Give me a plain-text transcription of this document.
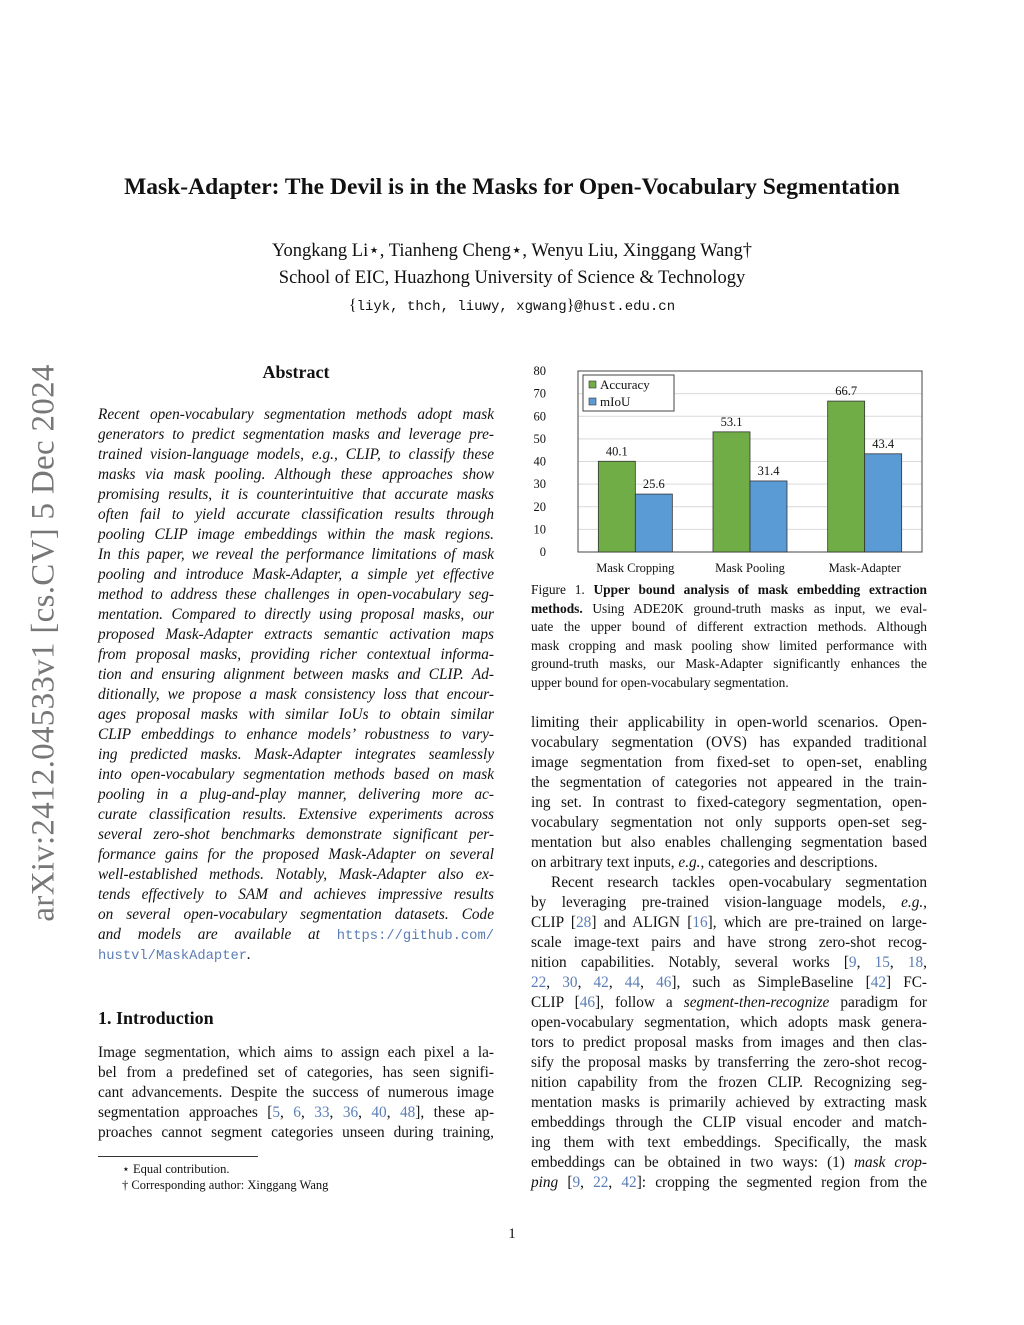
arXiv:2412.04533v1 [cs.CV] 5 Dec 2024
Mask-Adapter: The Devil is in the Masks for Open-Vocabulary Segmentation
Yongkang Li⋆, Tianheng Cheng⋆, Wenyu Liu, Xinggang Wang†
School of EIC, Huazhong University of Science & Technology
{liyk, thch, liuwy, xgwang}@hust.edu.cn
Abstract
Recent open-vocabulary segmentation methods adopt mask
generators to predict segmentation masks and leverage pre-
trained vision-language models, e.g., CLIP, to classify these
masks via mask pooling. Although these approaches show
promising results, it is counterintuitive that accurate masks
often fail to yield accurate classification results through
pooling CLIP image embeddings within the mask regions.
In this paper, we reveal the performance limitations of mask
pooling and introduce Mask-Adapter, a simple yet effective
method to address these challenges in open-vocabulary seg-
mentation. Compared to directly using proposal masks, our
proposed Mask-Adapter extracts semantic activation maps
from proposal masks, providing richer contextual informa-
tion and ensuring alignment between masks and CLIP. Ad-
ditionally, we propose a mask consistency loss that encour-
ages proposal masks with similar IoUs to obtain similar
CLIP embeddings to enhance models’ robustness to vary-
ing predicted masks. Mask-Adapter integrates seamlessly
into open-vocabulary segmentation methods based on mask
pooling in a plug-and-play manner, delivering more ac-
curate classification results. Extensive experiments across
several zero-shot benchmarks demonstrate significant per-
formance gains for the proposed Mask-Adapter on several
well-established methods. Notably, Mask-Adapter also ex-
tends effectively to SAM and achieves impressive results
on several open-vocabulary segmentation datasets. Code
and models are available at https://github.com/
hustvl/MaskAdapter.
1. Introduction
Image segmentation, which aims to assign each pixel a la-
bel from a predefined set of categories, has seen signifi-
cant advancements. Despite the success of numerous image
segmentation approaches [5, 6, 33, 36, 40, 48], these ap-
proaches cannot segment categories unseen during training,
⋆ Equal contribution.
† Corresponding author: Xinggang Wang
0
10
20
30
40
50
60
70
80
40.1
25.6
Mask Cropping
53.1
31.4
Mask Pooling
66.7
43.4
Mask-Adapter
Accuracy
mIoU
Figure 1. Upper bound analysis of mask embedding extraction
methods. Using ADE20K ground-truth masks as input, we eval-
uate the upper bound of different extraction methods. Although
mask cropping and mask pooling show limited performance with
ground-truth masks, our Mask-Adapter significantly enhances the
upper bound for open-vocabulary segmentation.
limiting their applicability in open-world scenarios. Open-
vocabulary segmentation (OVS) has expanded traditional
image segmentation from fixed-set to open-set, enabling
the segmentation of categories not appeared in the train-
ing set. In contrast to fixed-category segmentation, open-
vocabulary segmentation not only supports open-set seg-
mentation but also enables challenging segmentation based
on arbitrary text inputs, e.g., categories and descriptions.
Recent research tackles open-vocabulary segmentation
by leveraging pre-trained vision-language models, e.g.,
CLIP [28] and ALIGN [16], which are pre-trained on large-
scale image-text pairs and have strong zero-shot recog-
nition capabilities. Notably, several works [9, 15, 18,
22, 30, 42, 44, 46], such as SimpleBaseline [42] FC-
CLIP [46], follow a segment-then-recognize paradigm for
open-vocabulary segmentation, which adopts mask genera-
tors to predict proposal masks from images and then clas-
sify the proposal masks by transferring the zero-shot recog-
nition capability from the frozen CLIP. Recognizing seg-
mentation masks is primarily achieved by extracting mask
embeddings through the CLIP visual encoder and match-
ing them with text embeddings. Specifically, the mask
embeddings can be obtained in two ways: (1) mask crop-
ping [9, 22, 42]: cropping the segmented region from the
1
